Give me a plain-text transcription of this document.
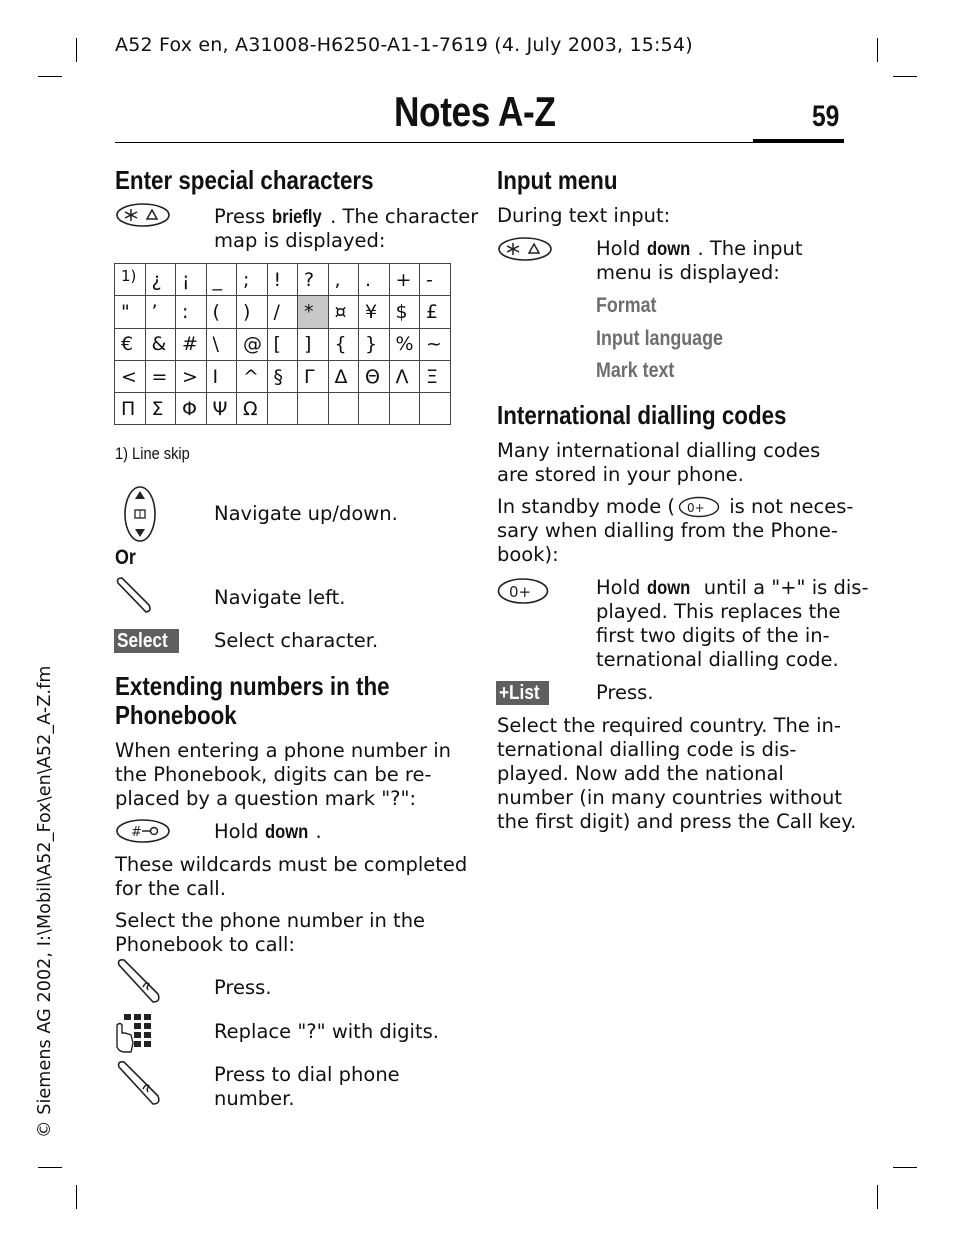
A52 Fox en, A31008-H6250-A1-1-7619 (4. July 2003, 15:54)
Notes A-Z	59
Enter special characters
Press briefly . The character
map is displayed:
1)	¿	¡	_	;	!	?	,	.	+	-
"	’	:	(	)	/	*	¤	¥	$	£
€	&	#	\	@	[	]	{	}	%	~
<	=	>	I	^	§	Γ	Δ	Θ	Λ	Ξ
Π	Σ	Φ	Ψ	Ω						
1) Line skip
Navigate up/down.
Or
Navigate left.
Select	Select character.
Extending numbers in the
Phonebook
When entering a phone number in
the Phonebook, digits can be re-
placed by a question mark "?":
#	Hold down .
These wildcards must be completed
for the call.
Select the phone number in the
Phonebook to call:
Press.
Replace "?" with digits.
Press to dial phone
number.
Input menu
During text input:
Hold down . The input
menu is displayed:
Format
Input language
Mark text
International dialling codes
Many international dialling codes
are stored in your phone.
In standby mode ( 0+ is not neces-
sary when dialling from the Phone-
book):
0+	Hold down until a "+" is dis-
played. This replaces the
first two digits of the in-
ternational dialling code.
+List	Press.
Select the required country. The in-
ternational dialling code is dis-
played. Now add the national
number (in many countries without
the first digit) and press the Call key.
© Siemens AG 2002, I:\Mobil\A52_Fox\en\A52_A-Z.fm
